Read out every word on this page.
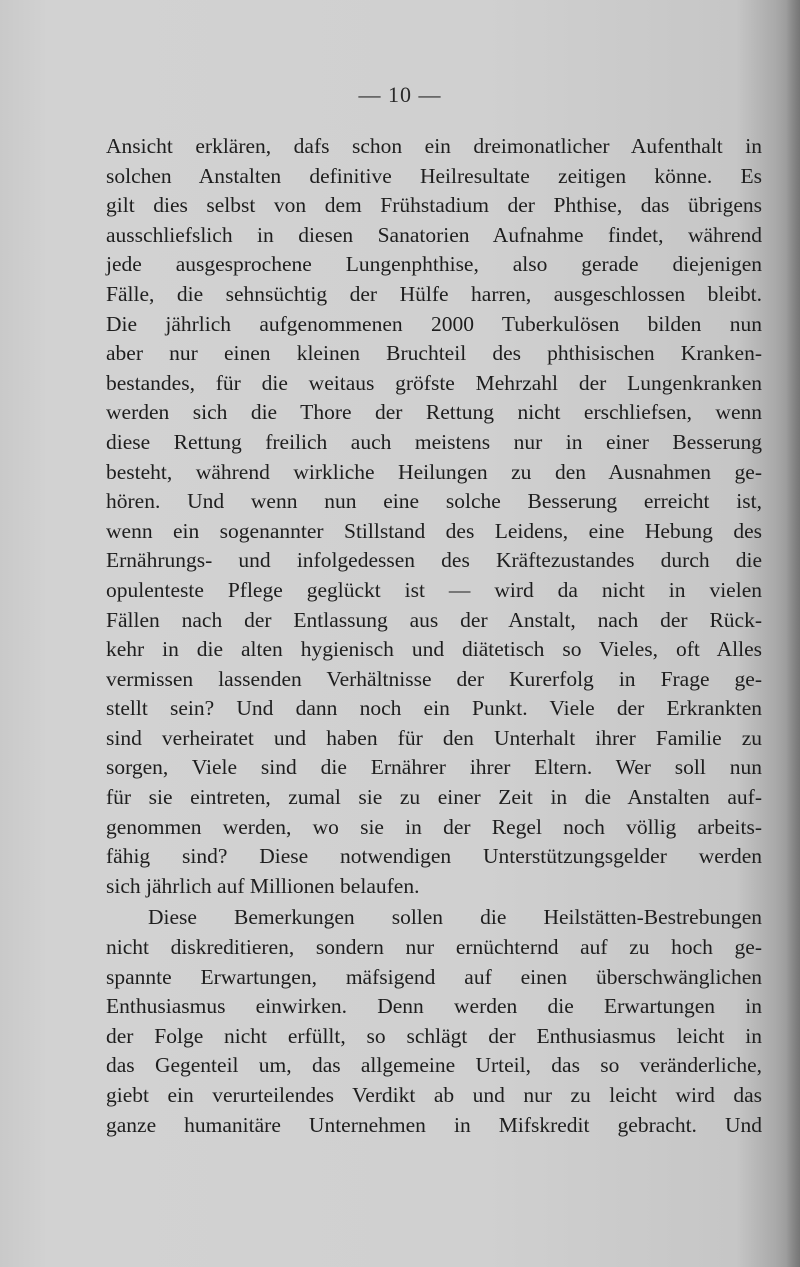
— 10 —
Ansicht erklären, dafs schon ein dreimonatlicher Aufenthalt in
solchen Anstalten definitive Heilresultate zeitigen könne. Es
gilt dies selbst von dem Frühstadium der Phthise, das übrigens
ausschliefslich in diesen Sanatorien Aufnahme findet, während
jede ausgesprochene Lungenphthise, also gerade diejenigen
Fälle, die sehnsüchtig der Hülfe harren, ausgeschlossen bleibt.
Die jährlich aufgenommenen 2000 Tuberkulösen bilden nun
aber nur einen kleinen Bruchteil des phthisischen Kranken-
bestandes, für die weitaus gröfste Mehrzahl der Lungenkranken
werden sich die Thore der Rettung nicht erschliefsen, wenn
diese Rettung freilich auch meistens nur in einer Besserung
besteht, während wirkliche Heilungen zu den Ausnahmen ge-
hören. Und wenn nun eine solche Besserung erreicht ist,
wenn ein sogenannter Stillstand des Leidens, eine Hebung des
Ernährungs- und infolgedessen des Kräftezustandes durch die
opulenteste Pflege geglückt ist — wird da nicht in vielen
Fällen nach der Entlassung aus der Anstalt, nach der Rück-
kehr in die alten hygienisch und diätetisch so Vieles, oft Alles
vermissen lassenden Verhältnisse der Kurerfolg in Frage ge-
stellt sein? Und dann noch ein Punkt. Viele der Erkrankten
sind verheiratet und haben für den Unterhalt ihrer Familie zu
sorgen, Viele sind die Ernährer ihrer Eltern. Wer soll nun
für sie eintreten, zumal sie zu einer Zeit in die Anstalten auf-
genommen werden, wo sie in der Regel noch völlig arbeits-
fähig sind? Diese notwendigen Unterstützungsgelder werden
sich jährlich auf Millionen belaufen.
Diese Bemerkungen sollen die Heilstätten-Bestrebungen
nicht diskreditieren, sondern nur ernüchternd auf zu hoch ge-
spannte Erwartungen, mäfsigend auf einen überschwänglichen
Enthusiasmus einwirken. Denn werden die Erwartungen in
der Folge nicht erfüllt, so schlägt der Enthusiasmus leicht in
das Gegenteil um, das allgemeine Urteil, das so veränderliche,
giebt ein verurteilendes Verdikt ab und nur zu leicht wird das
ganze humanitäre Unternehmen in Mifskredit gebracht. Und
